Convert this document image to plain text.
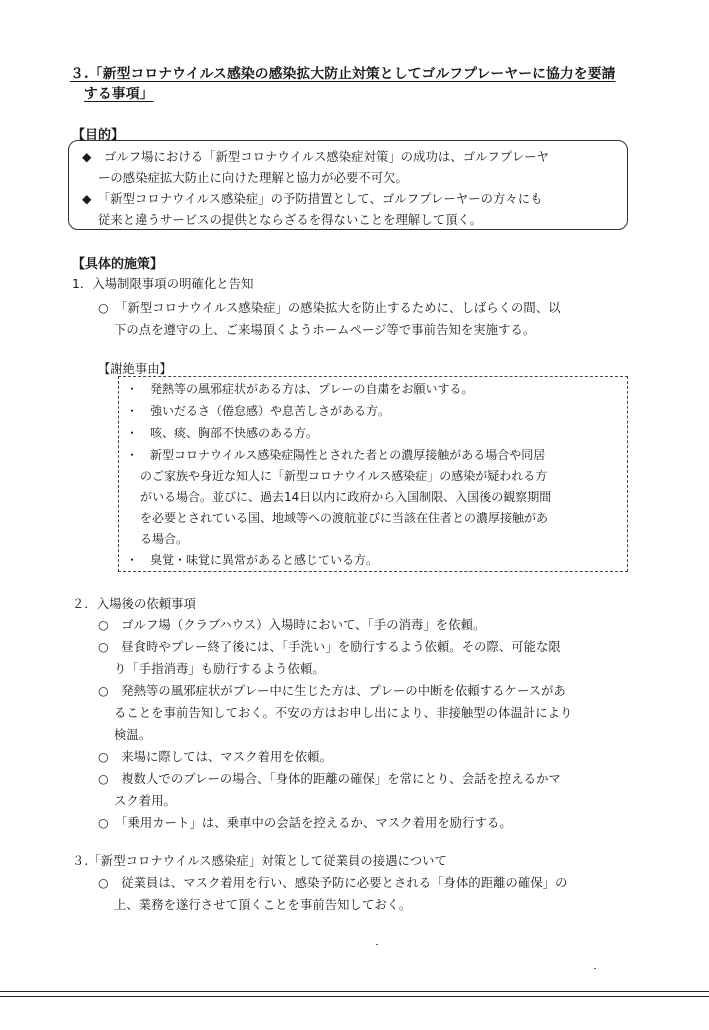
３.「新型コロナウイルス感染の感染拡大防止対策としてゴルフプレーヤーに協力を要請
する事項」
【目的】
◆　ゴルフ場における「新型コロナウイルス感染症対策」の成功は、ゴルフプレーヤ
ーの感染症拡大防止に向けた理解と協力が必要不可欠。
◆　「新型コロナウイルス感染症」の予防措置として、ゴルフプレーヤーの方々にも
従来と違うサービスの提供とならざるを得ないことを理解して頂く。
【具体的施策】
1．入場制限事項の明確化と告知
○　「新型コロナウイルス感染症」の感染拡大を防止するために、しばらくの間、以
下の点を遵守の上、ご来場頂くようホームページ等で事前告知を実施する。
【謝絶事由】
・　発熱等の風邪症状がある方は、プレーの自粛をお願いする。
・　強いだるさ（倦怠感）や息苦しさがある方。
・　咳、痰、胸部不快感のある方。
・　新型コロナウイルス感染症陽性とされた者との濃厚接触がある場合や同居
のご家族や身近な知人に「新型コロナウイルス感染症」の感染が疑われる方
がいる場合。並びに、過去14日以内に政府から入国制限、入国後の観察期間
を必要とされている国、地域等への渡航並びに当該在住者との濃厚接触があ
る場合。
・　臭覚・味覚に異常があると感じている方。
２．入場後の依頼事項
○　ゴルフ場（クラブハウス）入場時において、「手の消毒」を依頼。
○　昼食時やプレー終了後には、「手洗い」を励行するよう依頼。その際、可能な限
り「手指消毒」も励行するよう依頼。
○　発熱等の風邪症状がプレー中に生じた方は、プレーの中断を依頼するケースがあ
ることを事前告知しておく。不安の方はお申し出により、非接触型の体温計により
検温。
○　来場に際しては、マスク着用を依頼。
○　複数人でのプレーの場合、「身体的距離の確保」を常にとり、会話を控えるかマ
スク着用。
○　「乗用カート」は、乗車中の会話を控えるか、マスク着用を励行する。
３.「新型コロナウイルス感染症」対策として従業員の接遇について
○　従業員は、マスク着用を行い、感染予防に必要とされる「身体的距離の確保」の
上、業務を遂行させて頂くことを事前告知しておく。
